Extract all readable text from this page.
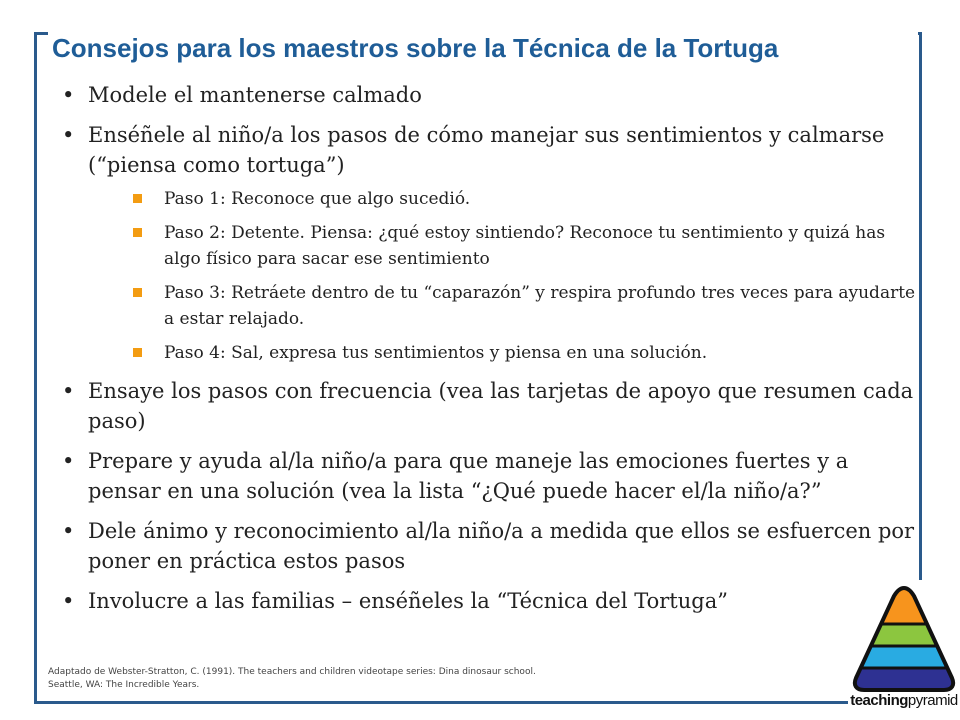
Consejos para los maestros sobre la Técnica de la Tortuga
• Modele el mantenerse calmado
• Enséñele al niño/a los pasos de cómo manejar sus sentimientos y calmarse (“piensa como tortuga”)
Paso 1: Reconoce que algo sucedió.
Paso 2: Detente. Piensa: ¿qué estoy sintiendo? Reconoce tu sentimiento y quizá has algo físico para sacar ese sentimiento
Paso 3: Retráete dentro de tu “caparazón” y respira profundo tres veces para ayudarte a estar relajado.
Paso 4: Sal, expresa tus sentimientos y piensa en una solución.
• Ensaye los pasos con frecuencia (vea las tarjetas de apoyo que resumen cada paso)
• Prepare y ayuda al/la niño/a para que maneje las emociones fuertes y a pensar en una solución (vea la lista “¿Qué puede hacer el/la niño/a?”
• Dele ánimo y reconocimiento al/la niño/a a medida que ellos se esfuercen por poner en práctica estos pasos
• Involucre a las familias – enséñeles la “Técnica del Tortuga”
Adaptado de Webster-Stratton, C. (1991). The teachers and children videotape series: Dina dinosaur school.
Seattle, WA: The Incredible Years.
teachingpyramid
